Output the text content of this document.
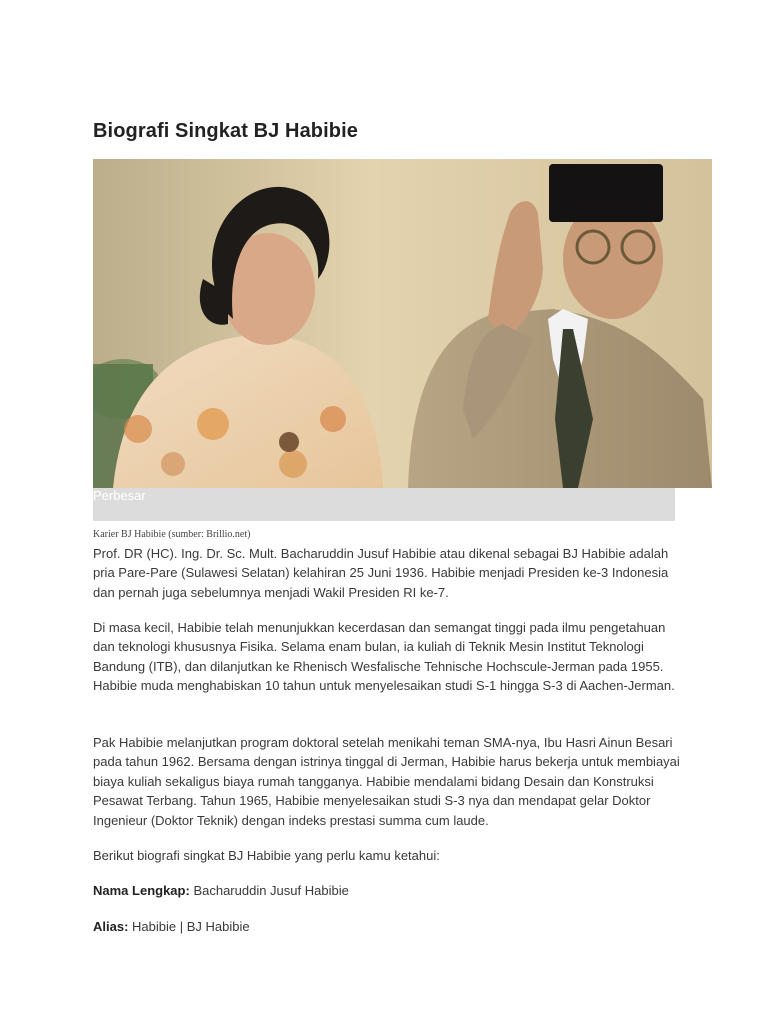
Biografi Singkat BJ Habibie
Perbesar
Karier BJ Habibie (sumber: Brillio.net)

Prof. DR (HC). Ing. Dr. Sc. Mult. Bacharuddin Jusuf Habibie atau dikenal sebagai BJ Habibie adalah pria Pare-Pare (Sulawesi Selatan) kelahiran 25 Juni 1936. Habibie menjadi Presiden ke-3 Indonesia dan pernah juga sebelumnya menjadi Wakil Presiden RI ke-7.

Di masa kecil, Habibie telah menunjukkan kecerdasan dan semangat tinggi pada ilmu pengetahuan dan teknologi khususnya Fisika. Selama enam bulan, ia kuliah di Teknik Mesin Institut Teknologi Bandung (ITB), dan dilanjutkan ke Rhenisch Wesfalische Tehnische Hochscule-Jerman pada 1955. Habibie muda menghabiskan 10 tahun untuk menyelesaikan studi S-1 hingga S-3 di Aachen-Jerman.

Pak Habibie melanjutkan program doktoral setelah menikahi teman SMA-nya, Ibu Hasri Ainun Besari pada tahun 1962. Bersama dengan istrinya tinggal di Jerman, Habibie harus bekerja untuk membiayai biaya kuliah sekaligus biaya rumah tangganya. Habibie mendalami bidang Desain dan Konstruksi Pesawat Terbang. Tahun 1965, Habibie menyelesaikan studi S-3 nya dan mendapat gelar Doktor Ingenieur (Doktor Teknik) dengan indeks prestasi summa cum laude.

Berikut biografi singkat BJ Habibie yang perlu kamu ketahui:

Nama Lengkap: Bacharuddin Jusuf Habibie

Alias: Habibie | BJ Habibie
